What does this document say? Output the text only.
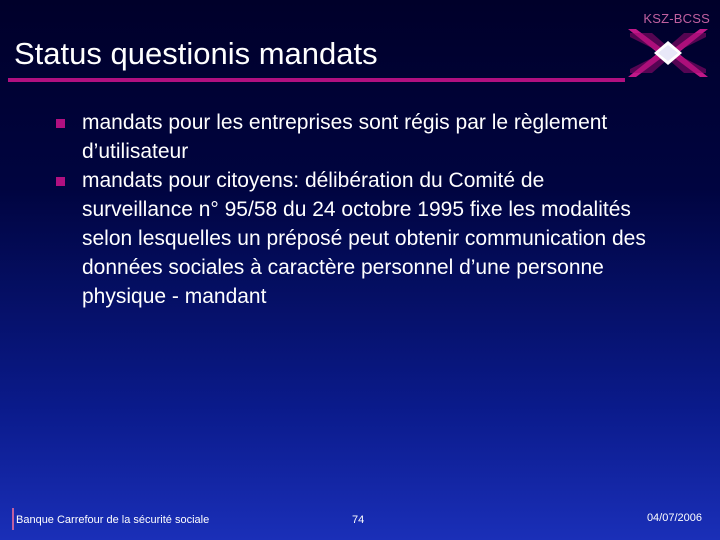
KSZ-BCSS
Status questionis mandats
mandats pour les entreprises sont régis par le règlement d’utilisateur
mandats pour citoyens: délibération du Comité de surveillance n° 95/58 du 24 octobre 1995 fixe les modalités selon lesquelles un préposé peut obtenir communication des données sociales à caractère personnel d’une personne physique - mandant
Banque Carrefour de la sécurité sociale	74	04/07/2006
